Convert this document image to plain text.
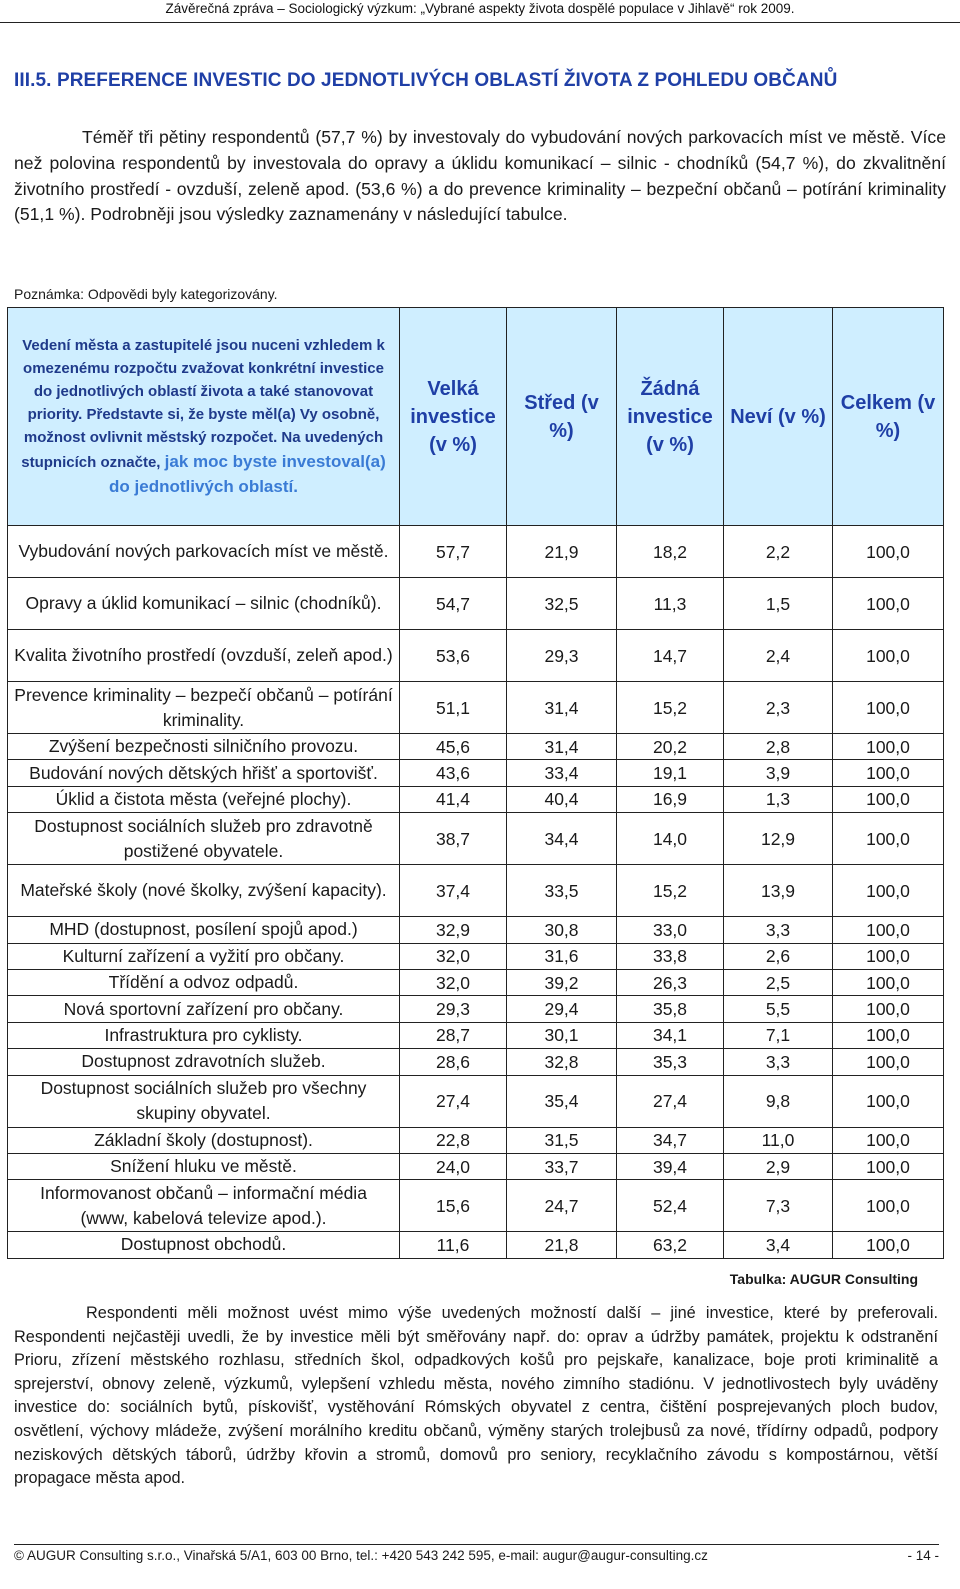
Závěrečná zpráva – Sociologický výzkum: „Vybrané aspekty života dospělé populace v Jihlavě“ rok 2009.
III.5. PREFERENCE INVESTIC DO JEDNOTLIVÝCH OBLASTÍ ŽIVOTA Z POHLEDU OBČANŮ
Téměř tři pětiny respondentů (57,7 %) by investovaly do vybudování nových parkovacích míst ve městě. Více než polovina respondentů by investovala do opravy a úklidu komunikací – silnic - chodníků (54,7 %), do zkvalitnění životního prostředí - ovzduší, zeleně apod. (53,6 %) a do prevence kriminality – bezpeční občanů – potírání kriminality (51,1 %). Podrobněji jsou výsledky zaznamenány v následující tabulce.
Poznámka: Odpovědi byly kategorizovány.
Vedení města a zastupitelé jsou nuceni vzhledem k omezenému rozpočtu zvažovat konkrétní investice do jednotlivých oblastí života a také stanovovat priority. Představte si, že byste měl(a) Vy osobně, možnost ovlivnit městský rozpočet. Na uvedených stupnicích označte, jak moc byste investoval(a) do jednotlivých oblastí.	Velká investice (v %)	Střed (v %)	Žádná investice (v %)	Neví (v %)	Celkem (v %)
Vybudování nových parkovacích míst ve městě.	57,7	21,9	18,2	2,2	100,0
Opravy a úklid komunikací – silnic (chodníků).	54,7	32,5	11,3	1,5	100,0
Kvalita životního prostředí (ovzduší, zeleň apod.)	53,6	29,3	14,7	2,4	100,0
Prevence kriminality – bezpečí občanů – potírání kriminality.	51,1	31,4	15,2	2,3	100,0
Zvýšení bezpečnosti silničního provozu.	45,6	31,4	20,2	2,8	100,0
Budování nových dětských hřišť a sportovišť.	43,6	33,4	19,1	3,9	100,0
Úklid a čistota města (veřejné plochy).	41,4	40,4	16,9	1,3	100,0
Dostupnost sociálních služeb pro zdravotně postižené obyvatele.	38,7	34,4	14,0	12,9	100,0
Mateřské školy (nové školky, zvýšení kapacity).	37,4	33,5	15,2	13,9	100,0
MHD (dostupnost, posílení spojů apod.)	32,9	30,8	33,0	3,3	100,0
Kulturní zařízení a vyžití pro občany.	32,0	31,6	33,8	2,6	100,0
Třídění a odvoz odpadů.	32,0	39,2	26,3	2,5	100,0
Nová sportovní zařízení pro občany.	29,3	29,4	35,8	5,5	100,0
Infrastruktura pro cyklisty.	28,7	30,1	34,1	7,1	100,0
Dostupnost zdravotních služeb.	28,6	32,8	35,3	3,3	100,0
Dostupnost sociálních služeb pro všechny skupiny obyvatel.	27,4	35,4	27,4	9,8	100,0
Základní školy (dostupnost).	22,8	31,5	34,7	11,0	100,0
Snížení hluku ve městě.	24,0	33,7	39,4	2,9	100,0
Informovanost občanů – informační média (www, kabelová televize apod.).	15,6	24,7	52,4	7,3	100,0
Dostupnost obchodů.	11,6	21,8	63,2	3,4	100,0
Tabulka: AUGUR Consulting
Respondenti měli možnost uvést mimo výše uvedených možností další – jiné investice, které by preferovali. Respondenti nejčastěji uvedli, že by investice měli být směřovány např. do: oprav a údržby památek, projektu k odstranění Prioru, zřízení městského rozhlasu, středních škol, odpadkových košů pro pejskaře, kanalizace, boje proti kriminalitě a sprejerství, obnovy zeleně, výzkumů, vylepšení vzhledu města, nového zimního stadiónu. V jednotlivostech byly uváděny investice do: sociálních bytů, pískovišť, vystěhování Rómských obyvatel z centra, čištění posprejevaných ploch budov, osvětlení, výchovy mládeže, zvýšení morálního kreditu občanů, výměny starých trolejbusů za nové, třídírny odpadů, podpory neziskových dětských táborů, údržby křovin a stromů, domovů pro seniory, recyklačního závodu s kompostárnou, větší propagace města apod.
© AUGUR Consulting s.r.o., Vinařská 5/A1, 603 00 Brno, tel.: +420 543 242 595, e-mail: augur@augur-consulting.cz	- 14 -
